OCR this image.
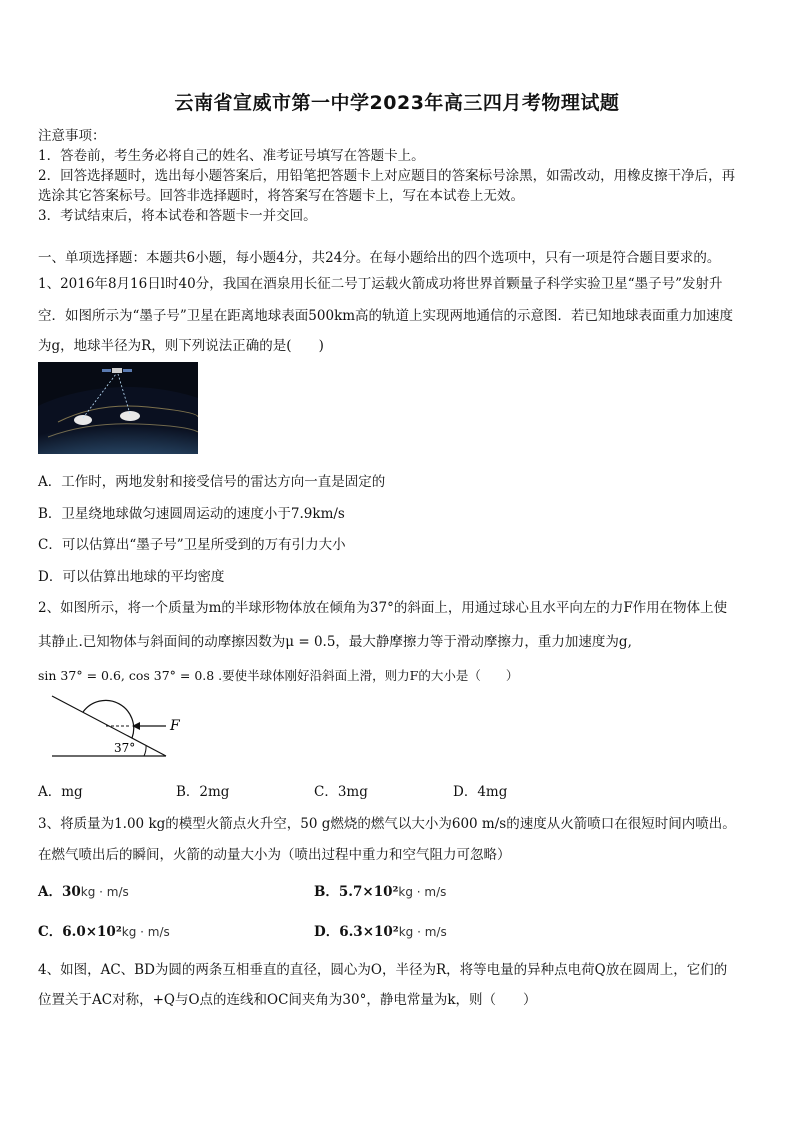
云南省宣威市第一中学2023年高三四月考物理试题
注意事项：
1．答卷前，考生务必将自己的姓名、准考证号填写在答题卡上。
2．回答选择题时，选出每小题答案后，用铅笔把答题卡上对应题目的答案标号涂黑，如需改动，用橡皮擦干净后，再
选涂其它答案标号。回答非选择题时，将答案写在答题卡上，写在本试卷上无效。
3．考试结束后，将本试卷和答题卡一并交回。
一、单项选择题：本题共6小题，每小题4分，共24分。在每小题给出的四个选项中，只有一项是符合题目要求的。
1、2016年8月16日l时40分，我国在酒泉用长征二号丁运载火箭成功将世界首颗量子科学实验卫星“墨子号”发射升
空．如图所示为“墨子号”卫星在距离地球表面500km高的轨道上实现两地通信的示意图．若已知地球表面重力加速度
为g，地球半径为R，则下列说法正确的是(　　)
A．工作时，两地发射和接受信号的雷达方向一直是固定的
B．卫星绕地球做匀速圆周运动的速度小于7.9km/s
C．可以估算出“墨子号”卫星所受到的万有引力大小
D．可以估算出地球的平均密度
2、如图所示，将一个质量为m的半球形物体放在倾角为37°的斜面上，用通过球心且水平向左的力F作用在物体上使
其静止.已知物体与斜面间的动摩擦因数为μ = 0.5，最大静摩擦力等于滑动摩擦力，重力加速度为g,
sin 37° = 0.6, cos 37° = 0.8 .要使半球体刚好沿斜面上滑，则力F的大小是（　　）
F
37°
A．mg	B．2mg	C．3mg	D．4mg
3、将质量为1.00 kg的模型火箭点火升空，50 g燃烧的燃气以大小为600 m/s的速度从火箭喷口在很短时间内喷出。
在燃气喷出后的瞬间，火箭的动量大小为（喷出过程中重力和空气阻力可忽略）
A．30kg · m/s	B．5.7×10²kg · m/s
C．6.0×10²kg · m/s	D．6.3×10²kg · m/s
4、如图，AC、BD为圆的两条互相垂直的直径，圆心为O，半径为R，将等电量的异种点电荷Q放在圆周上，它们的
位置关于AC对称，+Q与O点的连线和OC间夹角为30°，静电常量为k，则（　　）
